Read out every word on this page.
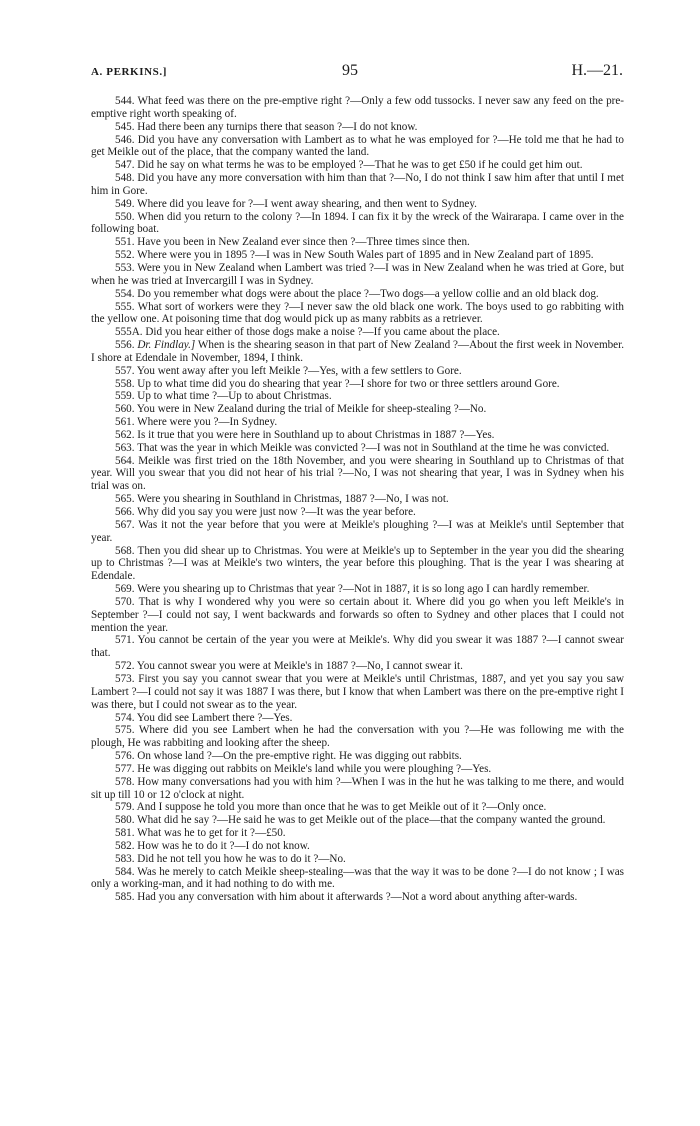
A. PERKINS.]	95	H.—21.

544. What feed was there on the pre-emptive right ?—Only a few odd tussocks. I never saw any feed on the pre-emptive right worth speaking of.

545. Had there been any turnips there that season ?—I do not know.

546. Did you have any conversation with Lambert as to what he was employed for ?—He told me that he had to get Meikle out of the place, that the company wanted the land.

547. Did he say on what terms he was to be employed ?—That he was to get £50 if he could get him out.

548. Did you have any more conversation with him than that ?—No, I do not think I saw him after that until I met him in Gore.

549. Where did you leave for ?—I went away shearing, and then went to Sydney.

550. When did you return to the colony ?—In 1894. I can fix it by the wreck of the Wairarapa. I came over in the following boat.

551. Have you been in New Zealand ever since then ?—Three times since then.

552. Where were you in 1895 ?—I was in New South Wales part of 1895 and in New Zealand part of 1895.

553. Were you in New Zealand when Lambert was tried ?—I was in New Zealand when he was tried at Gore, but when he was tried at Invercargill I was in Sydney.

554. Do you remember what dogs were about the place ?—Two dogs—a yellow collie and an old black dog.

555. What sort of workers were they ?—I never saw the old black one work. The boys used to go rabbiting with the yellow one. At poisoning time that dog would pick up as many rabbits as a retriever.

555A. Did you hear either of those dogs make a noise ?—If you came about the place.

556. Dr. Findlay.] When is the shearing season in that part of New Zealand ?—About the first week in November. I shore at Edendale in November, 1894, I think.

557. You went away after you left Meikle ?—Yes, with a few settlers to Gore.

558. Up to what time did you do shearing that year ?—I shore for two or three settlers around Gore.

559. Up to what time ?—Up to about Christmas.

560. You were in New Zealand during the trial of Meikle for sheep-stealing ?—No.

561. Where were you ?—In Sydney.

562. Is it true that you were here in Southland up to about Christmas in 1887 ?—Yes.

563. That was the year in which Meikle was convicted ?—I was not in Southland at the time he was convicted.

564. Meikle was first tried on the 18th November, and you were shearing in Southland up to Christmas of that year. Will you swear that you did not hear of his trial ?—No, I was not shearing that year, I was in Sydney when his trial was on.

565. Were you shearing in Southland in Christmas, 1887 ?—No, I was not.

566. Why did you say you were just now ?—It was the year before.

567. Was it not the year before that you were at Meikle's ploughing ?—I was at Meikle's until September that year.

568. Then you did shear up to Christmas. You were at Meikle's up to September in the year you did the shearing up to Christmas ?—I was at Meikle's two winters, the year before this ploughing. That is the year I was shearing at Edendale.

569. Were you shearing up to Christmas that year ?—Not in 1887, it is so long ago I can hardly remember.

570. That is why I wondered why you were so certain about it. Where did you go when you left Meikle's in September ?—I could not say, I went backwards and forwards so often to Sydney and other places that I could not mention the year.

571. You cannot be certain of the year you were at Meikle's. Why did you swear it was 1887 ?—I cannot swear that.

572. You cannot swear you were at Meikle's in 1887 ?—No, I cannot swear it.

573. First you say you cannot swear that you were at Meikle's until Christmas, 1887, and yet you say you saw Lambert ?—I could not say it was 1887 I was there, but I know that when Lambert was there on the pre-emptive right I was there, but I could not swear as to the year.

574. You did see Lambert there ?—Yes.

575. Where did you see Lambert when he had the conversation with you ?—He was following me with the plough, He was rabbiting and looking after the sheep.

576. On whose land ?—On the pre-emptive right. He was digging out rabbits.

577. He was digging out rabbits on Meikle's land while you were ploughing ?—Yes.

578. How many conversations had you with him ?—When I was in the hut he was talking to me there, and would sit up till 10 or 12 o'clock at night.

579. And I suppose he told you more than once that he was to get Meikle out of it ?—Only once.

580. What did he say ?—He said he was to get Meikle out of the place—that the company wanted the ground.

581. What was he to get for it ?—£50.

582. How was he to do it ?—I do not know.

583. Did he not tell you how he was to do it ?—No.

584. Was he merely to catch Meikle sheep-stealing—was that the way it was to be done ?—I do not know ; I was only a working-man, and it had nothing to do with me.

585. Had you any conversation with him about it afterwards ?—Not a word about anything after-wards.
